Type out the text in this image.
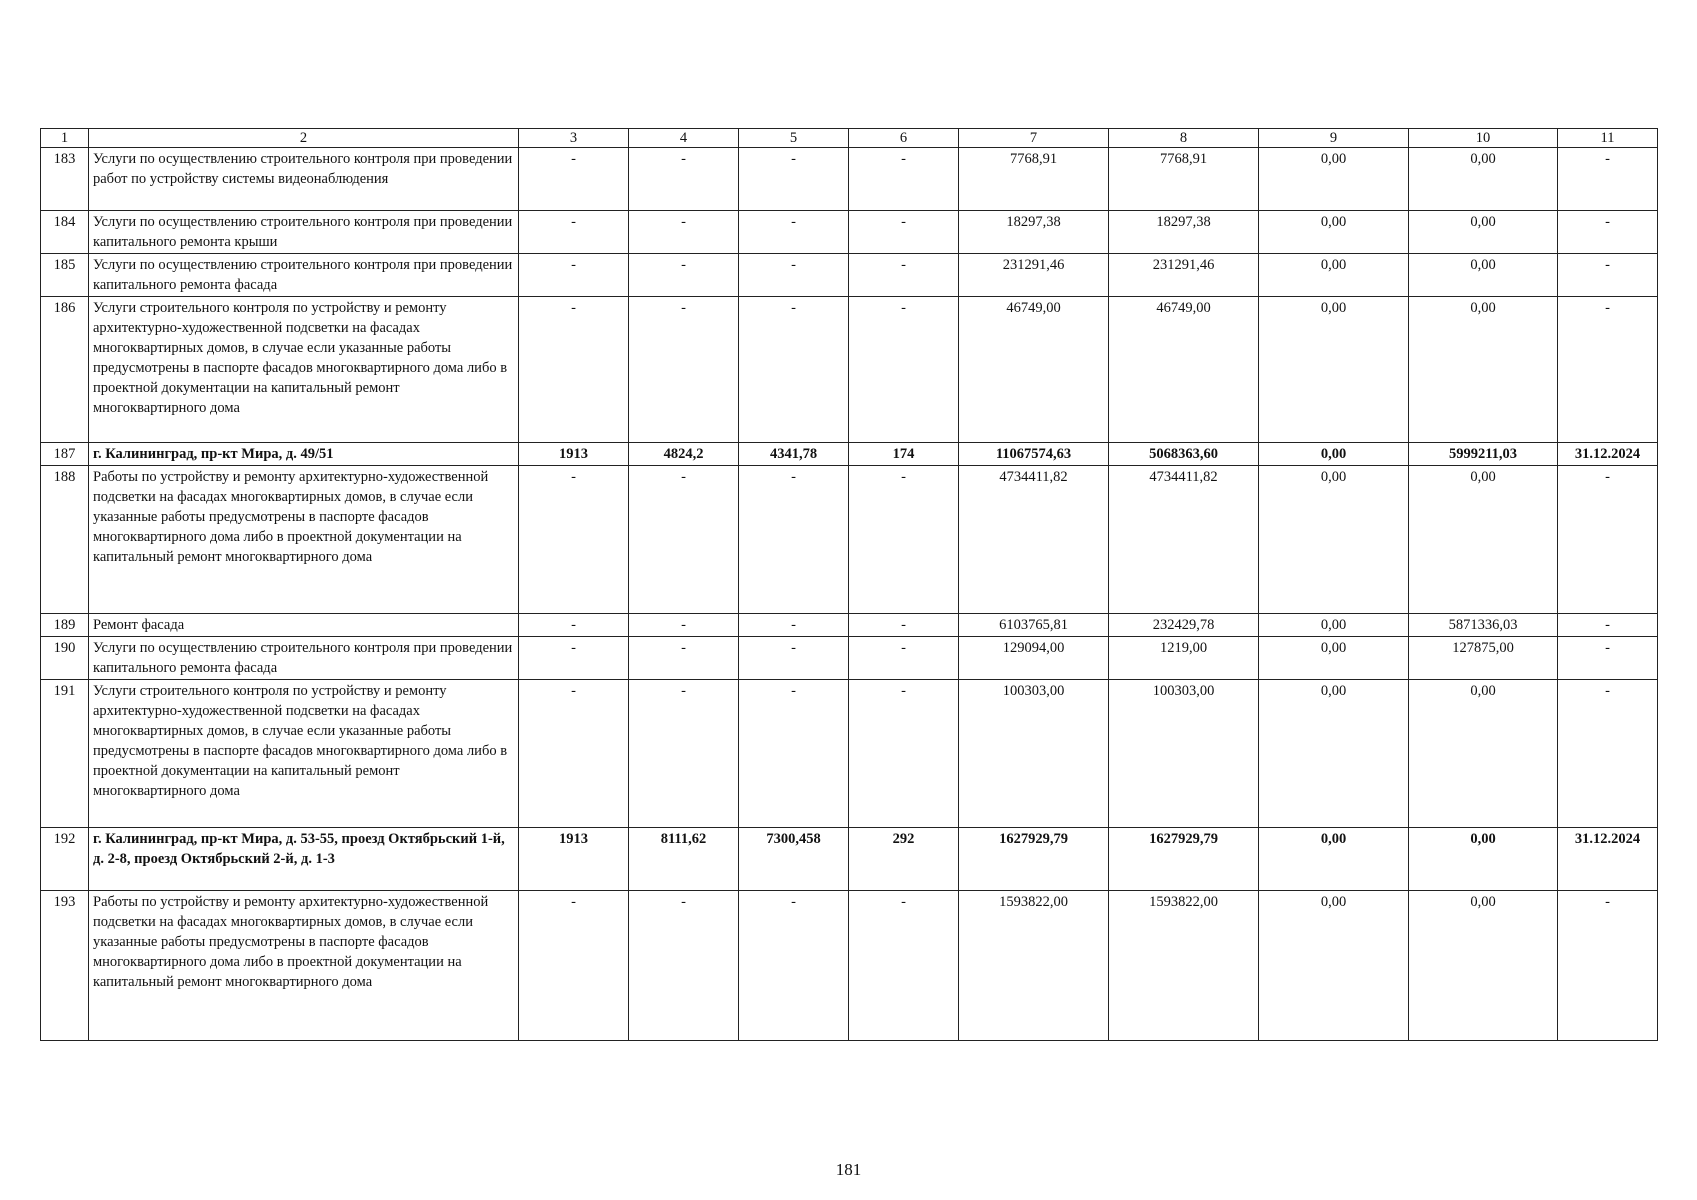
1	2	3	4	5	6	7	8	9	10	11
183	Услуги по осуществлению строительного контроля при проведении работ по устройству системы видеонаблюдения	-	-	-	-	7768,91	7768,91	0,00	0,00	-
184	Услуги по осуществлению строительного контроля при проведении капитального ремонта крыши	-	-	-	-	18297,38	18297,38	0,00	0,00	-
185	Услуги по осуществлению строительного контроля при проведении капитального ремонта фасада	-	-	-	-	231291,46	231291,46	0,00	0,00	-
186	Услуги строительного контроля по устройству и ремонту архитектурно-художественной подсветки на фасадах многоквартирных домов, в случае если указанные работы предусмотрены в паспорте фасадов многоквартирного дома либо в проектной документации на капитальный ремонт многоквартирного дома	-	-	-	-	46749,00	46749,00	0,00	0,00	-
187	г. Калининград, пр-кт Мира, д. 49/51	1913	4824,2	4341,78	174	11067574,63	5068363,60	0,00	5999211,03	31.12.2024
188	Работы по устройству и ремонту архитектурно-художественной подсветки на фасадах многоквартирных домов, в случае если указанные работы предусмотрены в паспорте фасадов многоквартирного дома либо в проектной документации на капитальный ремонт многоквартирного дома	-	-	-	-	4734411,82	4734411,82	0,00	0,00	-
189	Ремонт фасада	-	-	-	-	6103765,81	232429,78	0,00	5871336,03	-
190	Услуги по осуществлению строительного контроля при проведении капитального ремонта фасада	-	-	-	-	129094,00	1219,00	0,00	127875,00	-
191	Услуги строительного контроля по устройству и ремонту архитектурно-художественной подсветки на фасадах многоквартирных домов, в случае если указанные работы предусмотрены в паспорте фасадов многоквартирного дома либо в проектной документации на капитальный ремонт многоквартирного дома	-	-	-	-	100303,00	100303,00	0,00	0,00	-
192	г. Калининград, пр-кт Мира, д. 53-55, проезд Октябрьский 1-й, д. 2-8, проезд Октябрьский 2-й, д. 1-3	1913	8111,62	7300,458	292	1627929,79	1627929,79	0,00	0,00	31.12.2024
193	Работы по устройству и ремонту архитектурно-художественной подсветки на фасадах многоквартирных домов, в случае если указанные работы предусмотрены в паспорте фасадов многоквартирного дома либо в проектной документации на капитальный ремонт многоквартирного дома	-	-	-	-	1593822,00	1593822,00	0,00	0,00	-
181
